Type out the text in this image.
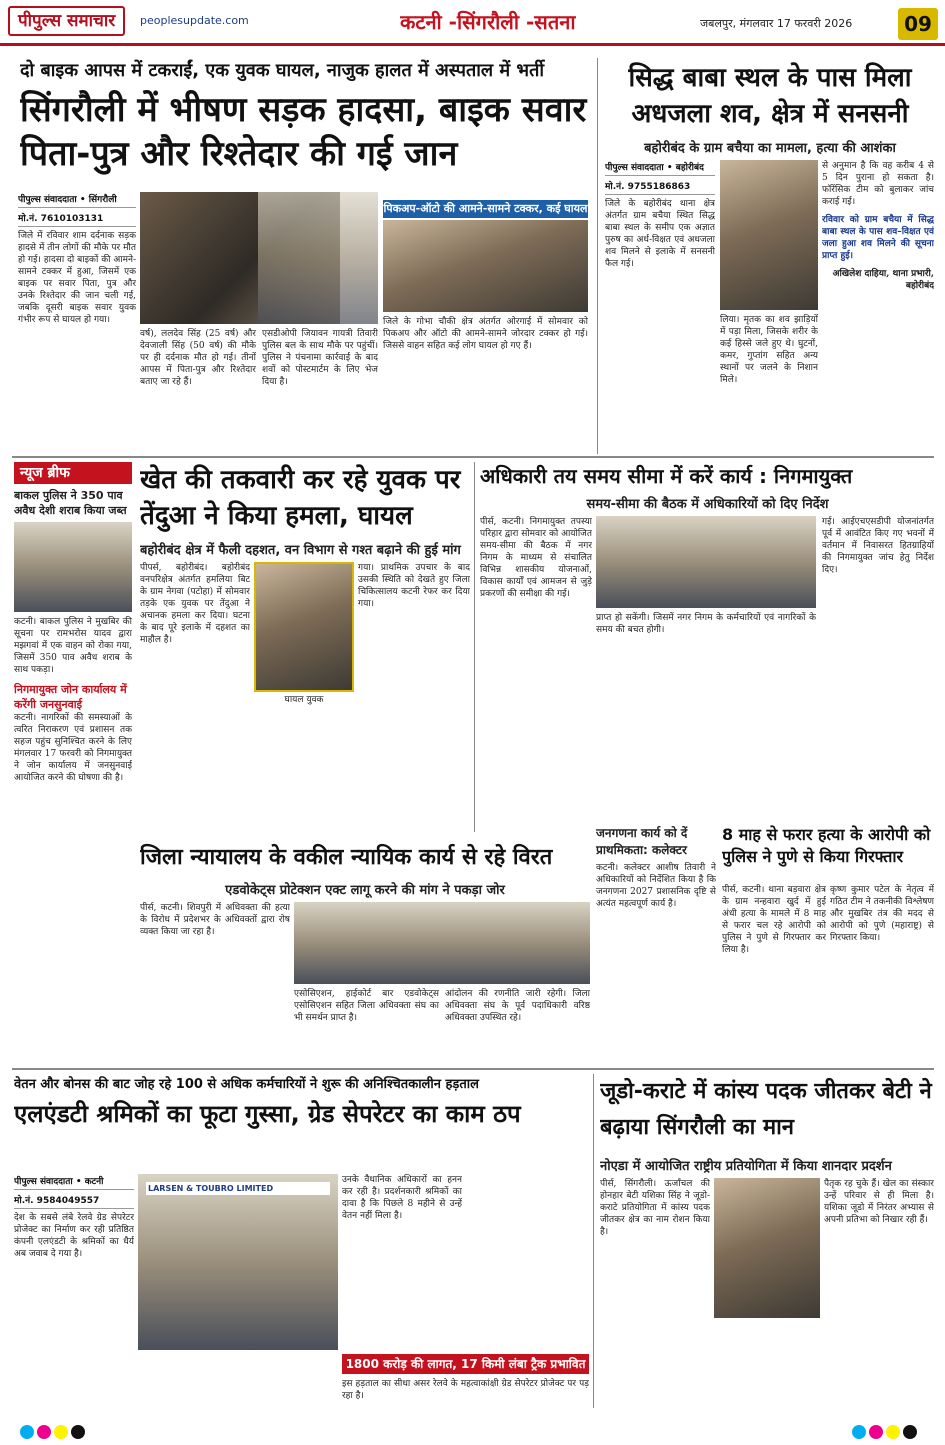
पीपुल्स समाचार	peoplesupdate.com	कटनी -सिंगरौली -सतना	जबलपुर, मंगलवार 17 फरवरी 2026	09
दो बाइक आपस में टकराईं, एक युवक घायल, नाजुक हालत में अस्पताल में भर्ती
सिंगरौली में भीषण सड़क हादसा, बाइक सवार पिता-पुत्र और रिश्तेदार की गई जान
पीपुल्स संवाददाता • सिंगरौली
मो.नं. 7610103131
जिले में रविवार शाम दर्दनाक सड़क हादसे में तीन लोगों की मौके पर मौत हो गई। हादसा दो बाइकों की आमने-सामने टक्कर में हुआ, जिसमें एक बाइक पर सवार पिता, पुत्र और उनके रिश्तेदार की जान चली गई, जबकि दूसरी बाइक सवार युवक गंभीर रूप से घायल हो गया।
वर्ष), ललदेव सिंह (25 वर्ष) और देवजाली सिंह (50 वर्ष) की मौके पर ही दर्दनाक मौत हो गई। तीनों आपस में पिता-पुत्र और रिश्तेदार बताए जा रहे हैं।
एसडीओपी जियावन गायत्री तिवारी पुलिस बल के साथ मौके पर पहुंचीं। पुलिस ने पंचनामा कार्रवाई के बाद शवों को पोस्टमार्टम के लिए भेज दिया है।
पिकअप-ऑटो की आमने-सामने टक्कर, कई घायल
जिले के गोभा चौकी क्षेत्र अंतर्गत ओरगाई में सोमवार को पिकअप और ऑटो की आमने-सामने जोरदार टक्कर हो गई। जिससे वाहन सहित कई लोग घायल हो गए हैं।
सिद्ध बाबा स्थल के पास मिला अधजला शव, क्षेत्र में सनसनी
बहोरीबंद के ग्राम बचैया का मामला, हत्या की आशंका
पीपुल्स संवाददाता • बहोरीबंद
मो.नं. 9755186863
जिले के बहोरीबंद थाना क्षेत्र अंतर्गत ग्राम बचैया स्थित सिद्ध बाबा स्थल के समीप एक अज्ञात पुरुष का अर्ध-विक्षत एवं अधजला शव मिलने से इलाके में सनसनी फैल गई।
लिया। मृतक का शव झाड़ियों में पड़ा मिला, जिसके शरीर के कई हिस्से जले हुए थे। घुटनों, कमर, गुप्तांग सहित अन्य स्थानों पर जलने के निशान मिले।
से अनुमान है कि वह करीब 4 से 5 दिन पुराना हो सकता है। फॉरेंसिक टीम को बुलाकर जांच कराई गई।
रविवार को ग्राम बचैया में सिद्ध बाबा स्थल के पास शव–विक्षत एवं जला हुआ शव मिलने की सूचना प्राप्त हुई।
अखिलेश दाहिया, थाना प्रभारी, बहोरीबंद
न्यूज ब्रीफ
बाकल पुलिस ने 350 पाव अवैध देशी शराब किया जब्त
कटनी। बाकल पुलिस ने मुखबिर की सूचना पर रामभरोस यादव द्वारा मझगवां में एक वाहन को रोका गया, जिसमें 350 पाव अवैध शराब के साथ पकड़ा।
निगमायुक्त जोन कार्यालय में करेंगी जनसुनवाई
कटनी। नागरिकों की समस्याओं के त्वरित निराकरण एवं प्रशासन तक सहज पहुंच सुनिश्चित करने के लिए मंगलवार 17 फरवरी को निगमायुक्त ने जोन कार्यालय में जनसुनवाई आयोजित करने की घोषणा की है।
खेत की तकवारी कर रहे युवक पर तेंदुआ ने किया हमला, घायल
बहोरीबंद क्षेत्र में फैली दहशत, वन विभाग से गश्त बढ़ाने की हुई मांग
पीपर्स, बहोरीबंद। बहोरीबंद वनपरिक्षेत्र अंतर्गत हमलिया बिट के ग्राम नेगवा (पटोहा) में सोमवार तड़के एक युवक पर तेंदुआ ने अचानक हमला कर दिया। घटना के बाद पूरे इलाके में दहशत का माहौल है।
घायल युवक
गया। प्राथमिक उपचार के बाद उसकी स्थिति को देखते हुए जिला चिकित्सालय कटनी रेफर कर दिया गया।
अधिकारी तय समय सीमा में करें कार्य : निगमायुक्त
समय-सीमा की बैठक में अधिकारियों को दिए निर्देश
पीर्स, कटनी। निगमायुक्त तपस्या परिहार द्वारा सोमवार को आयोजित समय-सीमा की बैठक में नगर निगम के माध्यम से संचालित विभिन्न शासकीय योजनाओं, विकास कार्यों एवं आमजन से जुड़े प्रकरणों की समीक्षा की गई।
प्राप्त हो सकेंगी। जिसमें नगर निगम के कर्मचारियों एवं नागरिकों के समय की बचत होगी।
गई। आईएचएसडीपी योजनांतर्गत पूर्व में आवंटित किए गए भवनों में वर्तमान में निवासरत हितग्राहियों की निगमायुक्त जांच हेतु निर्देश दिए।
जनगणना कार्य को दें प्राथमिकता: कलेक्टर
कटनी। कलेक्टर आशीष तिवारी ने अधिकारियों को निर्देशित किया है कि जनगणना 2027 प्रशासनिक दृष्टि से अत्यंत महत्वपूर्ण कार्य है।
8 माह से फरार हत्या के आरोपी को पुलिस ने पुणे से किया गिरफ्तार
पीर्स, कटनी। थाना बड़वारा क्षेत्र के ग्राम नन्हवारा खुर्द में हुई अंधी हत्या के मामले में 8 माह से फरार चल रहे आरोपी को पुलिस ने पुणे से गिरफ्तार कर लिया है।
कृष्ण कुमार पटेल के नेतृत्व में गठित टीम ने तकनीकी विश्लेषण और मुखबिर तंत्र की मदद से आरोपी को पुणे (महाराष्ट्र) से गिरफ्तार किया।
जिला न्यायालय के वकील न्यायिक कार्य से रहे विरत
एडवोकेट्स प्रोटेक्शन एक्ट लागू करने की मांग ने पकड़ा जोर
पीर्स, कटनी। शिवपुरी में अधिवक्ता की हत्या के विरोध में प्रदेशभर के अधिवक्तों द्वारा रोष व्यक्त किया जा रहा है।
एसोसिएशन, हाईकोर्ट बार एडवोकेट्स एसोसिएशन सहित जिला अधिवक्ता संघ का भी समर्थन प्राप्त है।
आंदोलन की रणनीति जारी रहेगी। जिला अधिवक्ता संघ के पूर्व पदाधिकारी वरिष्ठ अधिवक्ता उपस्थित रहे।
वेतन और बोनस की बाट जोह रहे 100 से अधिक कर्मचारियों ने शुरू की अनिश्चितकालीन हड़ताल
एलएंडटी श्रमिकों का फूटा गुस्सा, ग्रेड सेपरेटर का काम ठप
पीपुल्स संवाददाता • कटनी
मो.नं. 9584049557
देश के सबसे लंबे रेलवे ग्रेड सेपरेटर प्रोजेक्ट का निर्माण कर रही प्रतिष्ठित कंपनी एलएंडटी के श्रमिकों का धैर्य अब जवाब दे गया है।
LARSEN & TOUBRO LIMITED
उनके वैधानिक अधिकारों का हनन कर रही है। प्रदर्शनकारी श्रमिकों का दावा है कि पिछले 8 महीने से उन्हें वेतन नहीं मिला है।
1800 करोड़ की लागत, 17 किमी लंबा ट्रैक प्रभावित
इस हड़ताल का सीधा असर रेलवे के महत्वाकांक्षी ग्रेड सेपरेटर प्रोजेक्ट पर पड़ रहा है।
जूडो-कराटे में कांस्य पदक जीतकर बेटी ने बढ़ाया सिंगरौली का मान
नोएडा में आयोजित राष्ट्रीय प्रतियोगिता में किया शानदार प्रदर्शन
पीर्स, सिंगरौली। ऊर्जांचल की होनहार बेटी यशिका सिंह ने जूडो-कराटे प्रतियोगिता में कांस्य पदक जीतकर क्षेत्र का नाम रोशन किया है।
पैतृक रह चुके हैं। खेल का संस्कार उन्हें परिवार से ही मिला है। यशिका जूडो में निरंतर अभ्यास से अपनी प्रतिभा को निखार रही हैं।
